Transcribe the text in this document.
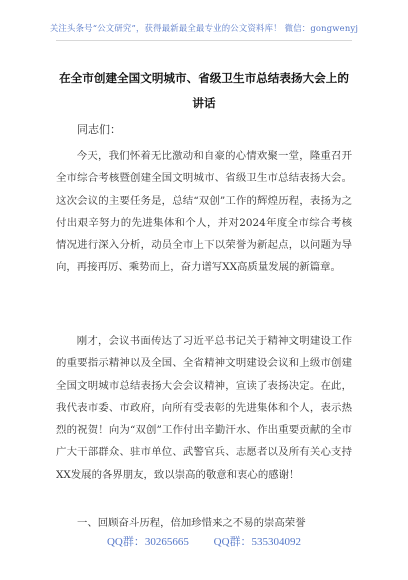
关注头条号“公文研究”，获得最新最全最专业的公文资料库！ 微信：gongwenyj
在全市创建全国文明城市、省级卫生市总结表扬大会上的讲话
同志们：

今天，我们怀着无比激动和自豪的心情欢聚一堂，隆重召开全市综合考核暨创建全国文明城市、省级卫生市总结表扬大会。这次会议的主要任务是，总结“双创”工作的辉煌历程，表扬为之付出艰辛努力的先进集体和个人，并对2024年度全市综合考核情况进行深入分析，动员全市上下以荣誉为新起点，以问题为导向，再接再厉、乘势而上，奋力谱写XX高质量发展的新篇章。

刚才，会议书面传达了习近平总书记关于精神文明建设工作的重要指示精神以及全国、全省精神文明建设会议和上级市创建全国文明城市总结表扬大会会议精神，宣读了表扬决定。在此，我代表市委、市政府，向所有受表彰的先进集体和个人，表示热烈的祝贺！向为“双创”工作付出辛勤汗水、作出重要贡献的全市广大干部群众、驻市单位、武警官兵、志愿者以及所有关心支持XX发展的各界朋友，致以崇高的敬意和衷心的感谢！

一、回顾奋斗历程，倍加珍惜来之不易的崇高荣誉
QQ群：30265665 QQ群：535304092
